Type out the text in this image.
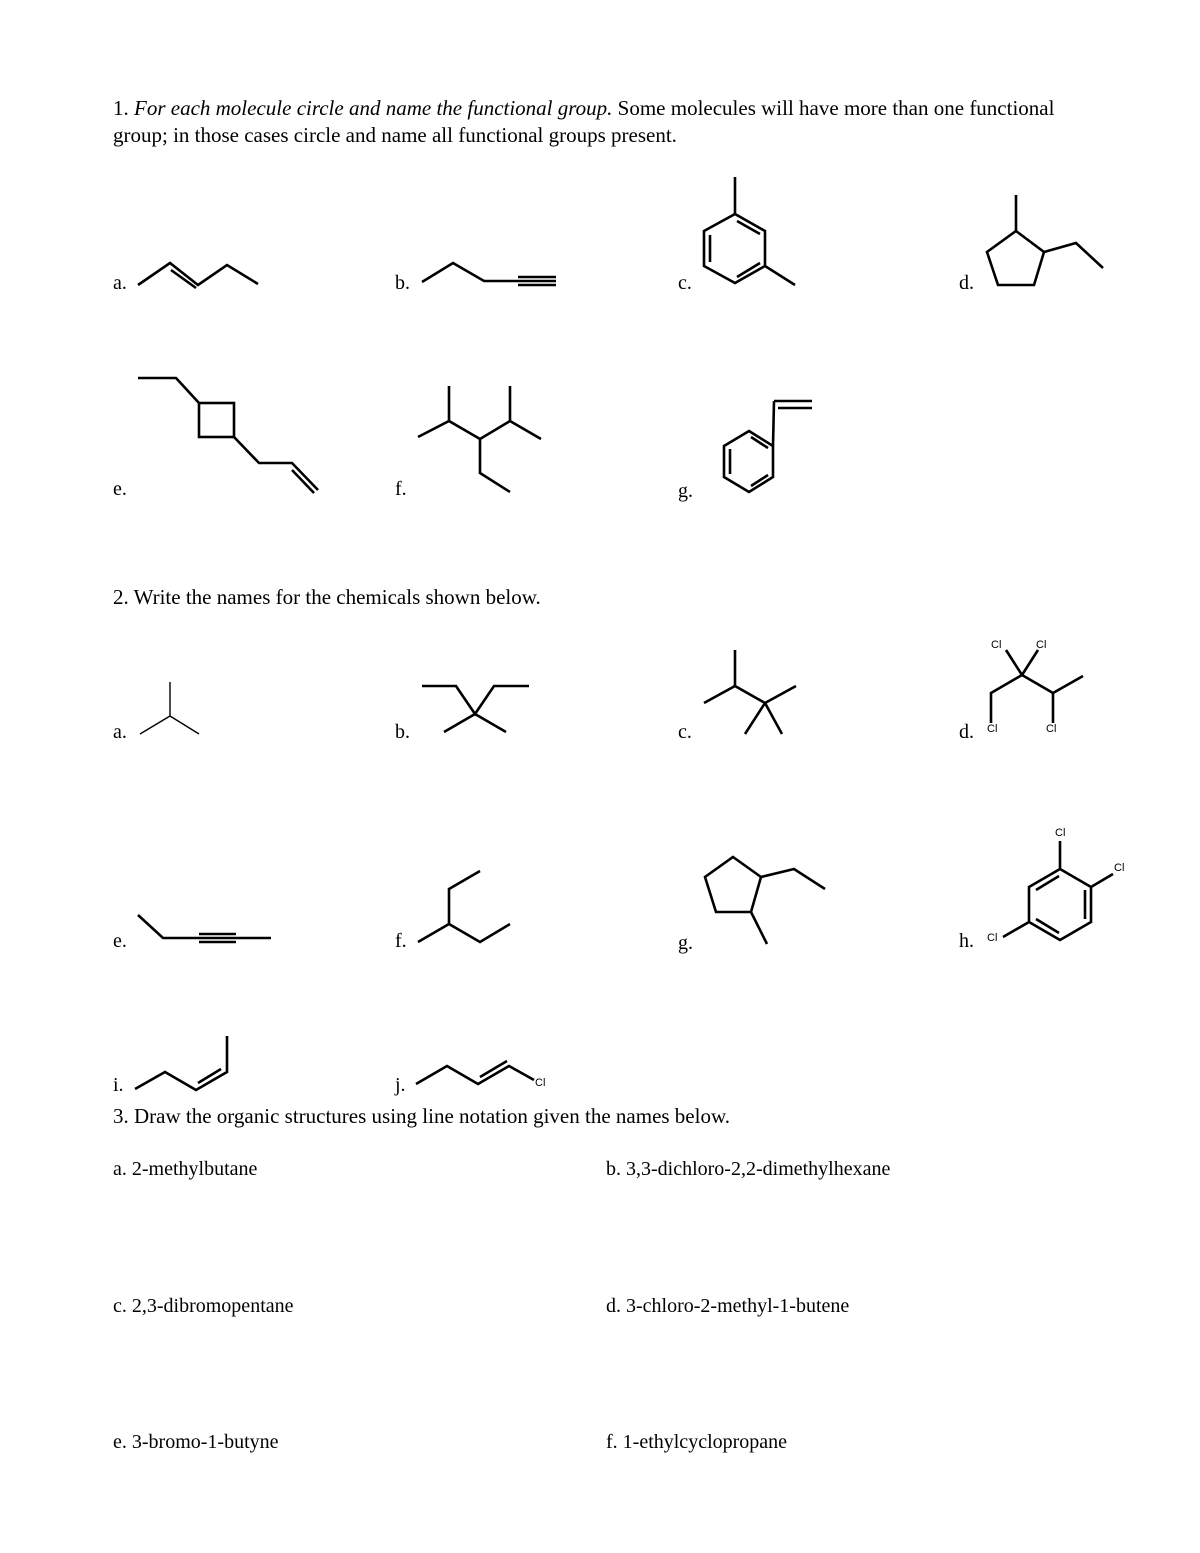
1. For each molecule circle and name the functional group. Some molecules will have more than one functional group; in those cases circle and name all functional groups present.

a.	b.	c.	d.
e.	f.	g.

2. Write the names for the chemicals shown below.

a.	b.	c.	d.
e.	f.	g.	h.
i.	j.
Cl	Cl
Cl	Cl
Cl
Cl
Cl
Cl

3. Draw the organic structures using line notation given the names below.

a. 2-methylbutane	b. 3,3-dichloro-2,2-dimethylhexane
c. 2,3-dibromopentane	d. 3-chloro-2-methyl-1-butene
e. 3-bromo-1-butyne	f. 1-ethylcyclopropane
